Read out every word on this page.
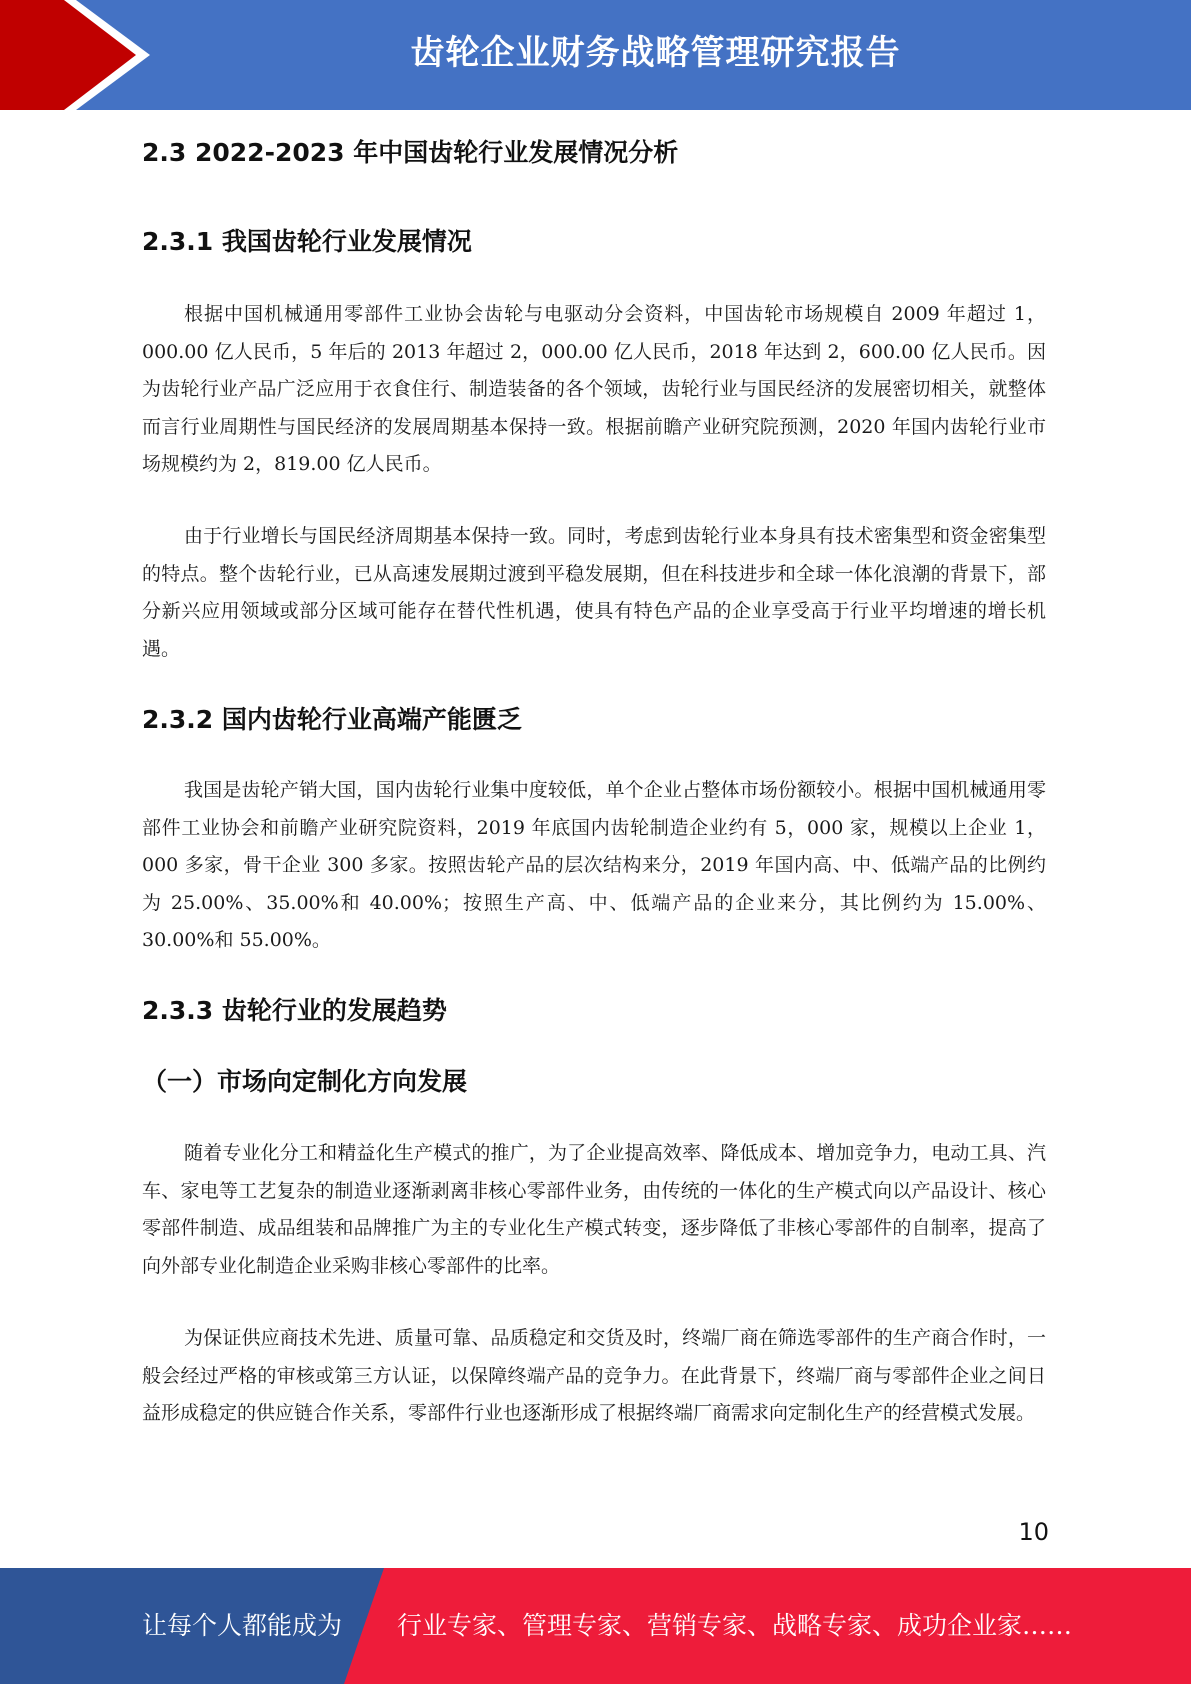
齿轮企业财务战略管理研究报告
2.3 2022-2023 年中国齿轮行业发展情况分析
2.3.1 我国齿轮行业发展情况

根据中国机械通用零部件工业协会齿轮与电驱动分会资料，中国齿轮市场规模自 2009 年超过 1，000.00 亿人民币，5 年后的 2013 年超过 2，000.00 亿人民币，2018 年达到 2，600.00 亿人民币。因为齿轮行业产品广泛应用于衣食住行、制造装备的各个领域，齿轮行业与国民经济的发展密切相关，就整体而言行业周期性与国民经济的发展周期基本保持一致。根据前瞻产业研究院预测，2020 年国内齿轮行业市场规模约为 2，819.00 亿人民币。

由于行业增长与国民经济周期基本保持一致。同时，考虑到齿轮行业本身具有技术密集型和资金密集型的特点。整个齿轮行业，已从高速发展期过渡到平稳发展期，但在科技进步和全球一体化浪潮的背景下，部分新兴应用领域或部分区域可能存在替代性机遇，使具有特色产品的企业享受高于行业平均增速的增长机遇。

2.3.2 国内齿轮行业高端产能匮乏

我国是齿轮产销大国，国内齿轮行业集中度较低，单个企业占整体市场份额较小。根据中国机械通用零部件工业协会和前瞻产业研究院资料，2019 年底国内齿轮制造企业约有 5，000 家，规模以上企业 1，000 多家，骨干企业 300 多家。按照齿轮产品的层次结构来分，2019 年国内高、中、低端产品的比例约为 25.00%、35.00%和 40.00%；按照生产高、中、低端产品的企业来分，其比例约为 15.00%、30.00%和 55.00%。

2.3.3 齿轮行业的发展趋势
（一）市场向定制化方向发展

随着专业化分工和精益化生产模式的推广，为了企业提高效率、降低成本、增加竞争力，电动工具、汽车、家电等工艺复杂的制造业逐渐剥离非核心零部件业务，由传统的一体化的生产模式向以产品设计、核心零部件制造、成品组装和品牌推广为主的专业化生产模式转变，逐步降低了非核心零部件的自制率，提高了向外部专业化制造企业采购非核心零部件的比率。

为保证供应商技术先进、质量可靠、品质稳定和交货及时，终端厂商在筛选零部件的生产商合作时，一般会经过严格的审核或第三方认证，以保障终端产品的竞争力。在此背景下，终端厂商与零部件企业之间日益形成稳定的供应链合作关系，零部件行业也逐渐形成了根据终端厂商需求向定制化生产的经营模式发展。

10
让每个人都能成为 行业专家、管理专家、营销专家、战略专家、成功企业家……
